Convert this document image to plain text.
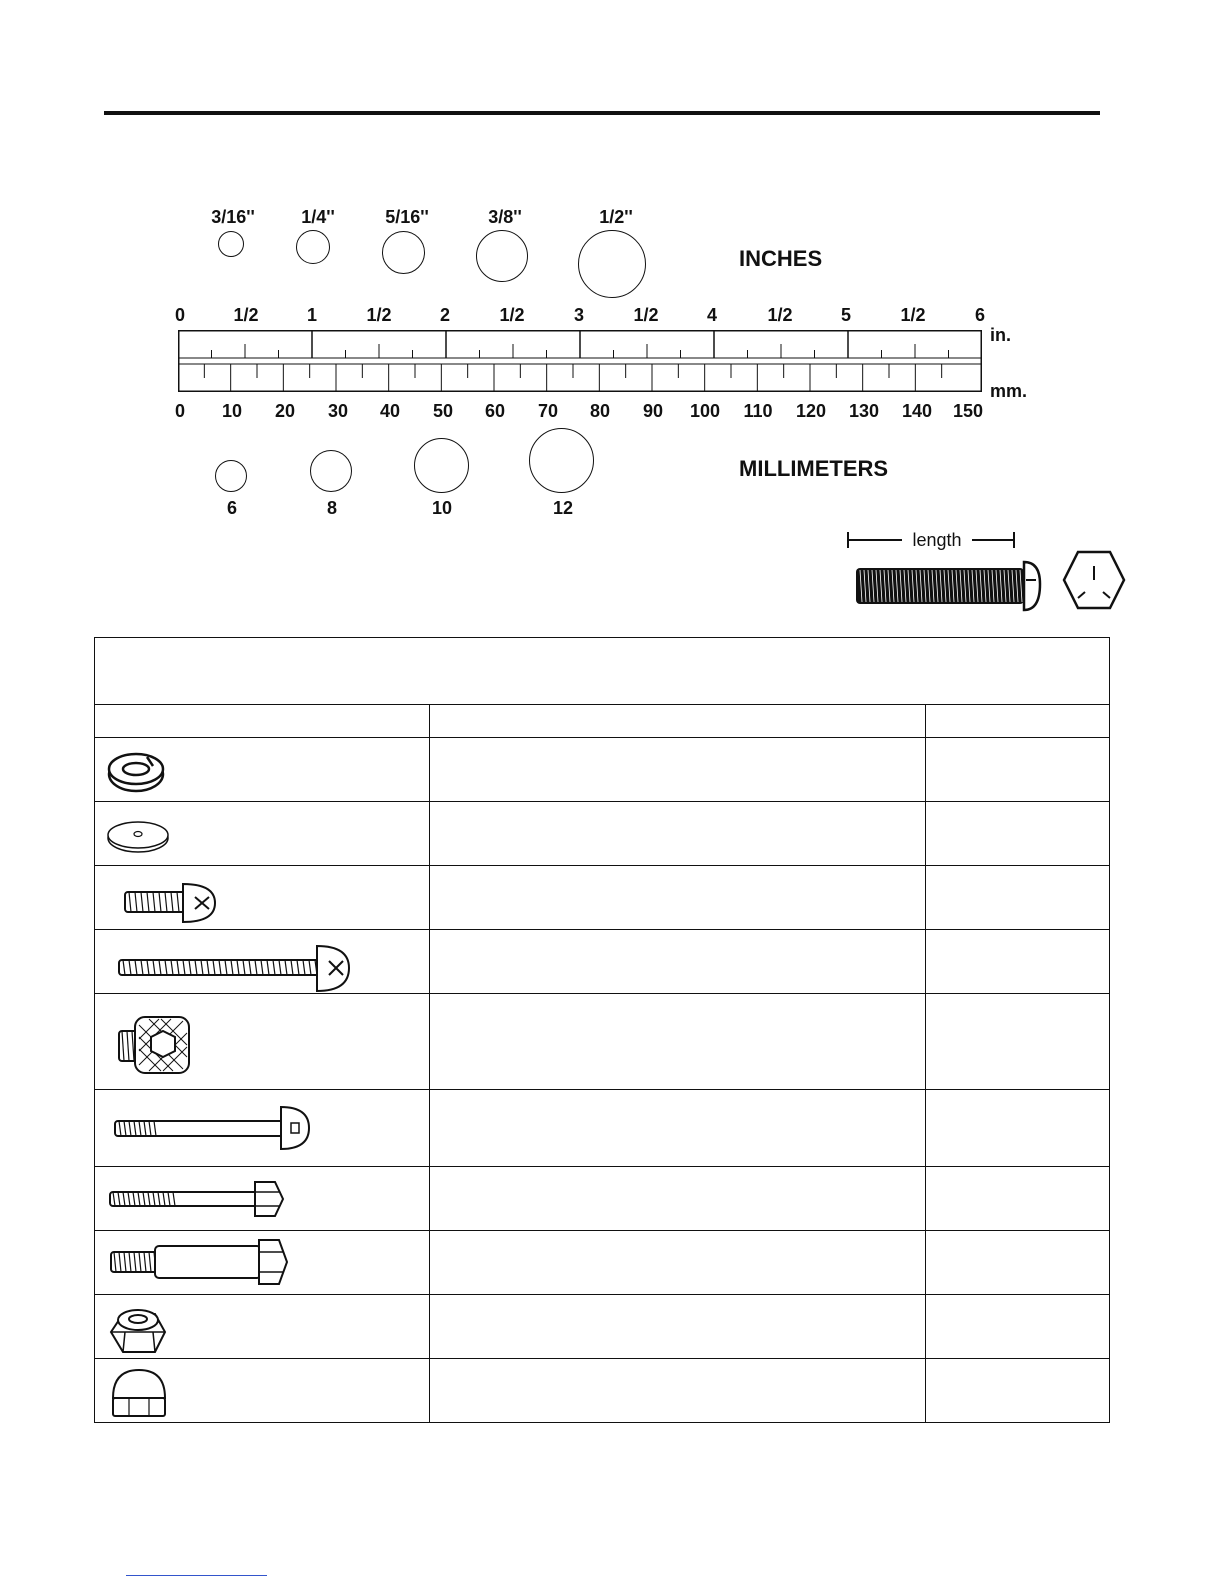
3/16''	1/4''	5/16''	3/8''	1/2''
INCHES
0	1/2	1	1/2	2	1/2	3	1/2	4	1/2	5	1/2	6
in.
0 10 20 30 40 50 60 70 80 90 100 110 120 130 140 150
mm.
6	8	10	12
MILLIMETERS
length
